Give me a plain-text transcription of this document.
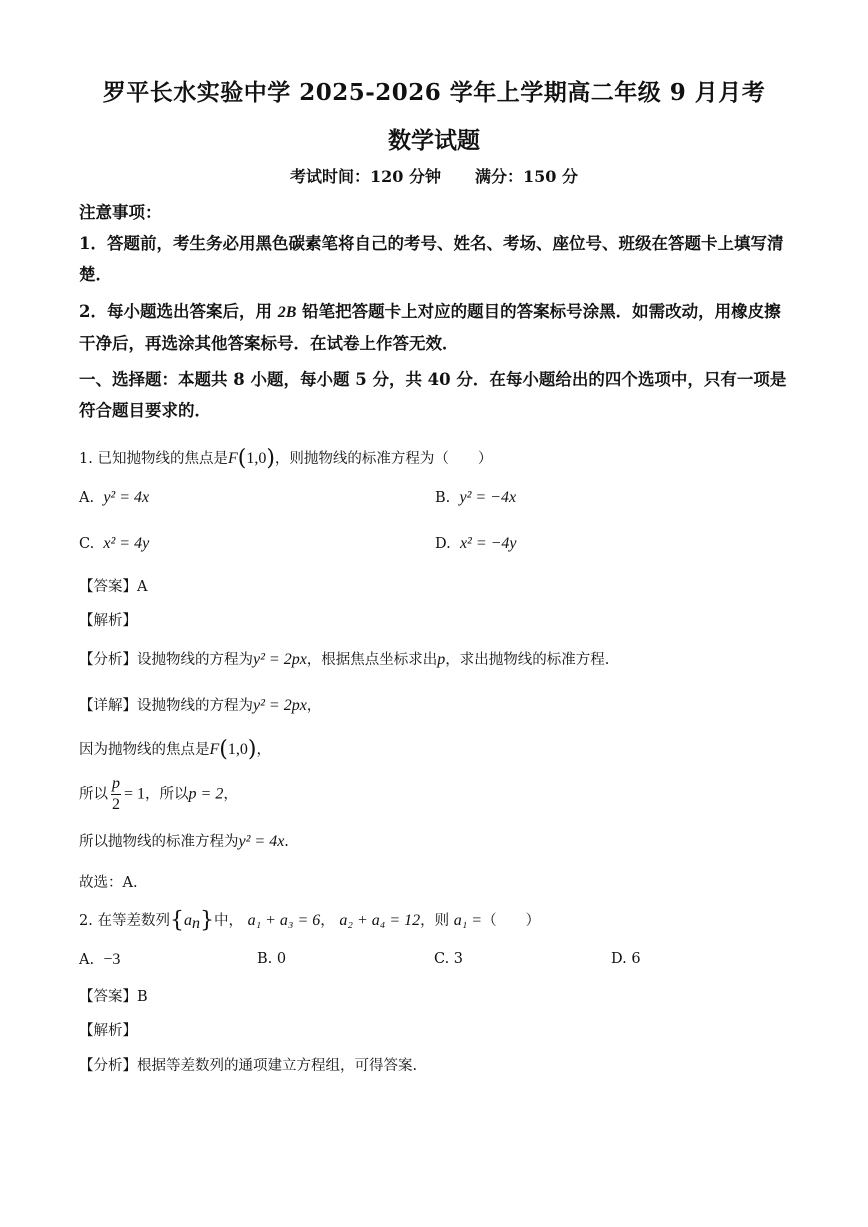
罗平长水实验中学 2025-2026 学年上学期高二年级 9 月月考
数学试题
考试时间：120 分钟 满分：150 分
注意事项：
1．答题前，考生务必用黑色碳素笔将自己的考号、姓名、考场、座位号、班级在答题卡上填写清楚．
2．每小题选出答案后，用 2B 铅笔把答题卡上对应的题目的答案标号涂黑．如需改动，用橡皮擦干净后，再选涂其他答案标号．在试卷上作答无效．
一、选择题：本题共 8 小题，每小题 5 分，共 40 分．在每小题给出的四个选项中，只有一项是符合题目要求的．
1. 已知抛物线的焦点是F(1,0)，则抛物线的标准方程为（　　）
A. y² = 4x	B. y² = −4x
C. x² = 4y	D. x² = −4y
【答案】A
【解析】
【分析】设抛物线的方程为y² = 2px，根据焦点坐标求出p，求出抛物线的标准方程.
【详解】设抛物线的方程为y² = 2px，
因为抛物线的焦点是F(1,0)，
所以 $\frac{p}{2} = 1$，所以p = 2，
所以抛物线的标准方程为y² = 4x.
故选：A.
2. 在等差数列$\{a_n\}$中， a₁ + a₃ = 6， a₂ + a₄ = 12，则 a₁ =（　　）
A. −3	B. 0	C. 3	D. 6
【答案】B
【解析】
【分析】根据等差数列的通项建立方程组，可得答案.
